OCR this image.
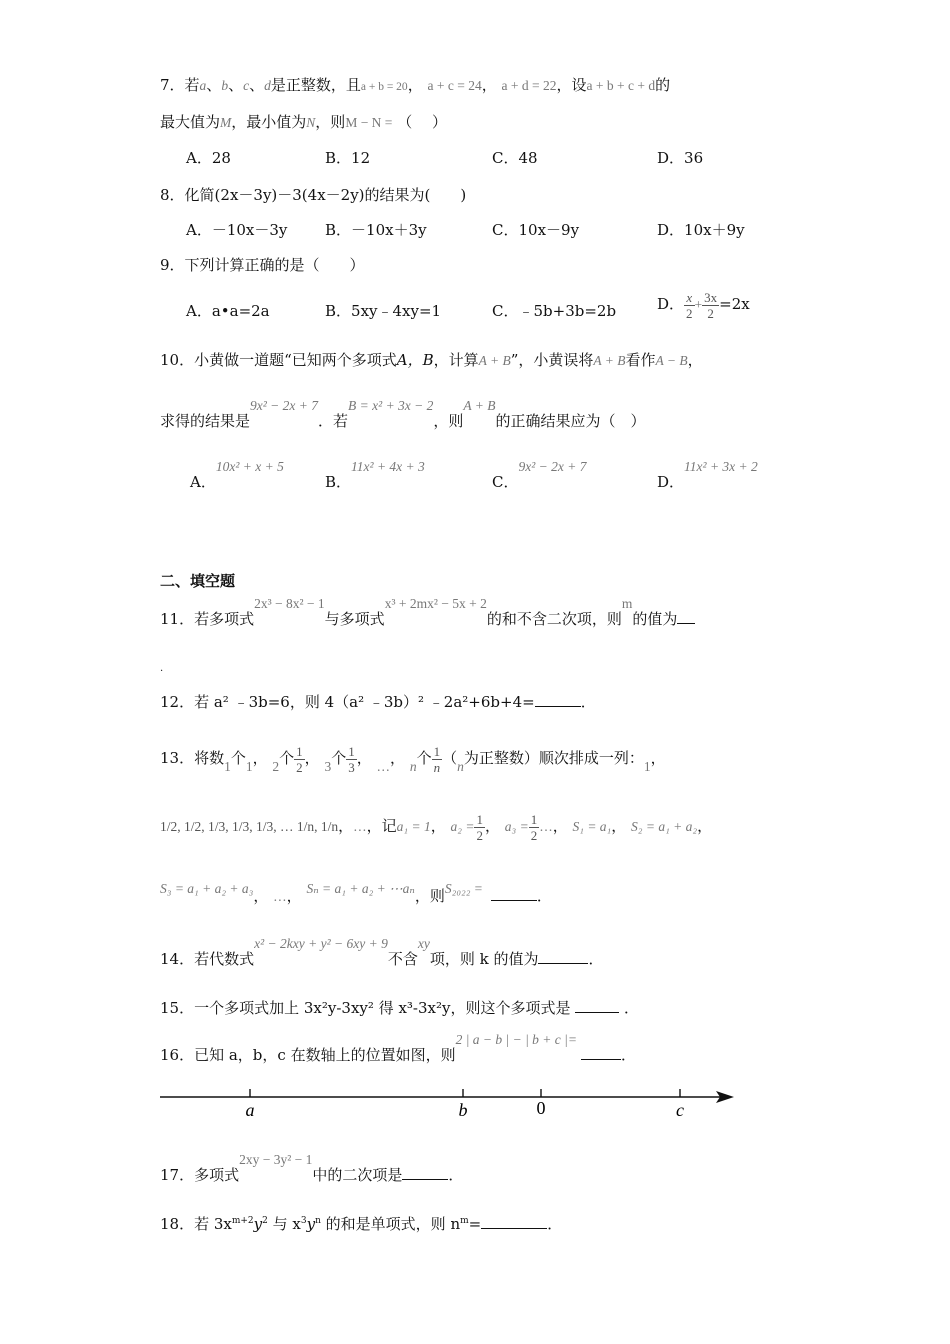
7．若a、b、c、d是正整数，且a + b = 20， a + c = 24， a + d = 22，设a + b + c + d的
最大值为M，最小值为N，则M − N = （　 ）
A．28	B．12	C．48	D．36
8．化简(2x－3y)－3(4x－2y)的结果为(　　)
A．－10x－3y	B．－10x＋3y	C．10x－9y	D．10x＋9y
9．下列计算正确的是（　　）
A．a•a=2a	B．5xy﹣4xy=1	C．﹣5b+3b=2b	D． $\frac{x}{2} + \frac{3x}{2} =2x$
10．小黄做一道题“已知两个多项式A，B，计算A + B”，小黄误将A + B看作A − B，
求得的结果是9x² − 2x + 7．若B = x² + 3x − 2，则A + B的正确结果应为（　）
A．10x² + x + 5
B．11x² + 4x + 3
C．9x² − 2x + 7
D．11x² + 3x + 2
二、填空题
11．若多项式2x³ − 8x² − 1与多项式x³ + 2mx² − 5x + 2的和不含二次项，则m的值为
.
12．若 a² ﹣3b=6，则 4（a² ﹣3b）² ﹣2a²+6b+4=	．
13．将数1个1， 2个 $\frac{1}{2}$ ， 3个 $\frac{1}{3}$ ， …， n个 $\frac{1}{n} (n$为正整数）顺次排成一列：1，
1/2, 1/2, 1/3, 1/3, 1/3, … 1/n, 1/n，…，记a₁ = 1， $a_2 = \frac{1}{2}$ ， $a_3 = \frac{1}{2}$ …， S₁ = a₁， S₂ = a₁ + a₂，
S₃ = a₁ + a₂ + a₃， …， Sₙ = a₁ + a₂ + ⋯aₙ，则S₂₀₂₂ =	．
14．若代数式x² − 2kxy + y² − 6xy + 9不含xy项，则 k 的值为	．
15．一个多项式加上 3x²y-3xy² 得 x³-3x²y，则这个多项式是	．
16．已知 a，b，c 在数轴上的位置如图，则2 | a − b | − | b + c |=．
a	b	0	c
17．多项式2xy − 3y² − 1中的二次项是	．
18．若 $3x^{m+2}y^2$ 与 $x^3y^n$ 的和是单项式，则 $n^m=$	．
